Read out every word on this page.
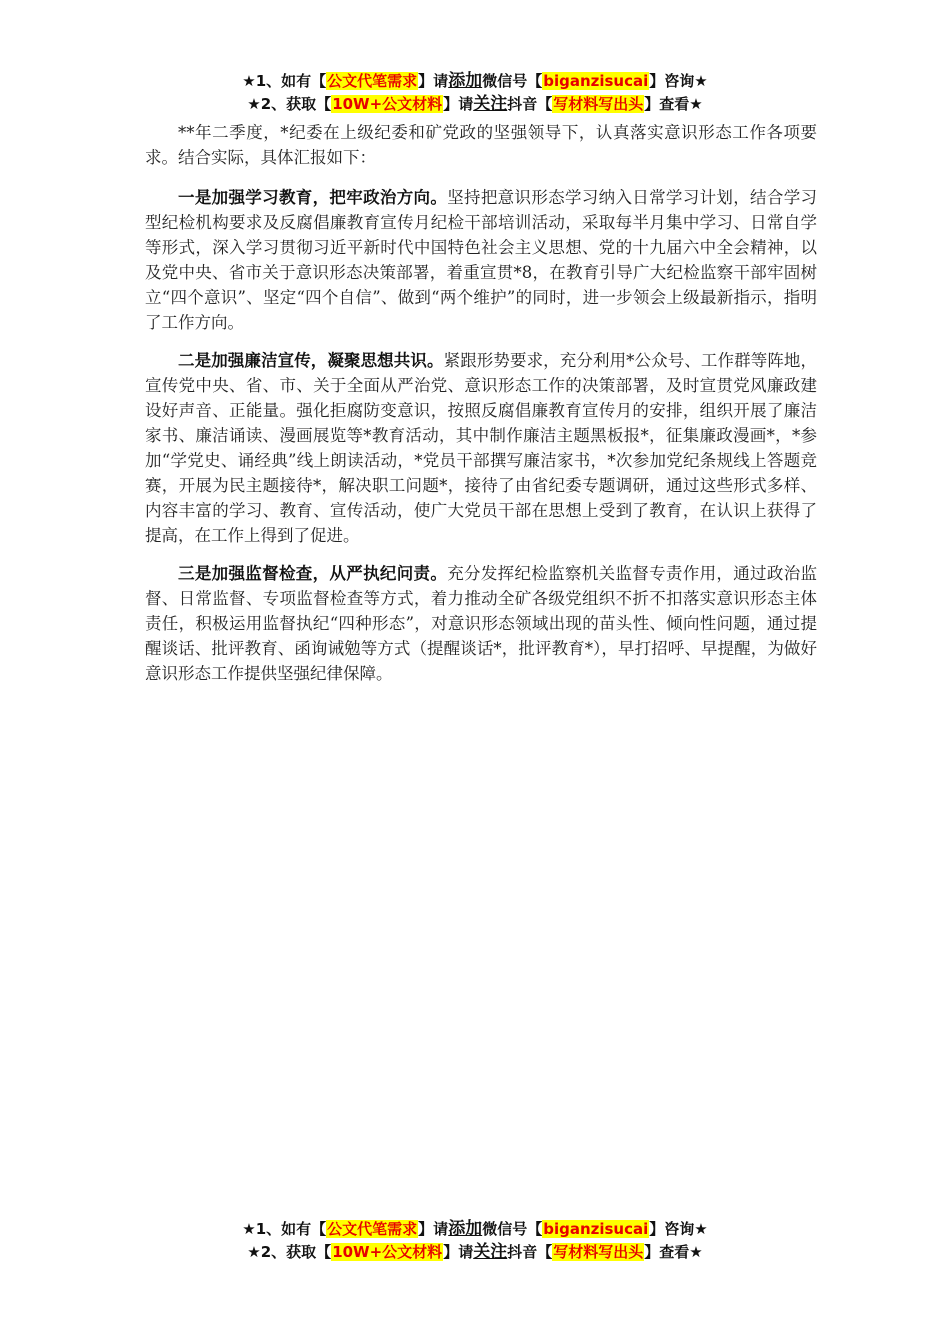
★1、如有【公文代笔需求】请添加微信号【biganzisucai】咨询★
★2、获取【10W+公文材料】请关注抖音【写材料写出头】查看★

**年二季度，*纪委在上级纪委和矿党政的坚强领导下，认真落实意识形态工作各项要求。结合实际，具体汇报如下：

一是加强学习教育，把牢政治方向。坚持把意识形态学习纳入日常学习计划，结合学习型纪检机构要求及反腐倡廉教育宣传月纪检干部培训活动，采取每半月集中学习、日常自学等形式，深入学习贯彻习近平新时代中国特色社会主义思想、党的十九届六中全会精神，以及党中央、省市关于意识形态决策部署，着重宣贯*8，在教育引导广大纪检监察干部牢固树立“四个意识”、坚定“四个自信”、做到“两个维护”的同时，进一步领会上级最新指示，指明了工作方向。

二是加强廉洁宣传，凝聚思想共识。紧跟形势要求，充分利用*公众号、工作群等阵地，宣传党中央、省、市、关于全面从严治党、意识形态工作的决策部署，及时宣贯党风廉政建设好声音、正能量。强化拒腐防变意识，按照反腐倡廉教育宣传月的安排，组织开展了廉洁家书、廉洁诵读、漫画展览等*教育活动，其中制作廉洁主题黑板报*，征集廉政漫画*，*参加“学党史、诵经典”线上朗读活动，*党员干部撰写廉洁家书，*次参加党纪条规线上答题竞赛，开展为民主题接待*，解决职工问题*，接待了由省纪委专题调研，通过这些形式多样、内容丰富的学习、教育、宣传活动，使广大党员干部在思想上受到了教育，在认识上获得了提高，在工作上得到了促进。

三是加强监督检查，从严执纪问责。充分发挥纪检监察机关监督专责作用，通过政治监督、日常监督、专项监督检查等方式，着力推动全矿各级党组织不折不扣落实意识形态主体责任，积极运用监督执纪“四种形态”，对意识形态领域出现的苗头性、倾向性问题，通过提醒谈话、批评教育、函询诫勉等方式（提醒谈话*，批评教育*），早打招呼、早提醒，为做好意识形态工作提供坚强纪律保障。

★1、如有【公文代笔需求】请添加微信号【biganzisucai】咨询★
★2、获取【10W+公文材料】请关注抖音【写材料写出头】查看★
